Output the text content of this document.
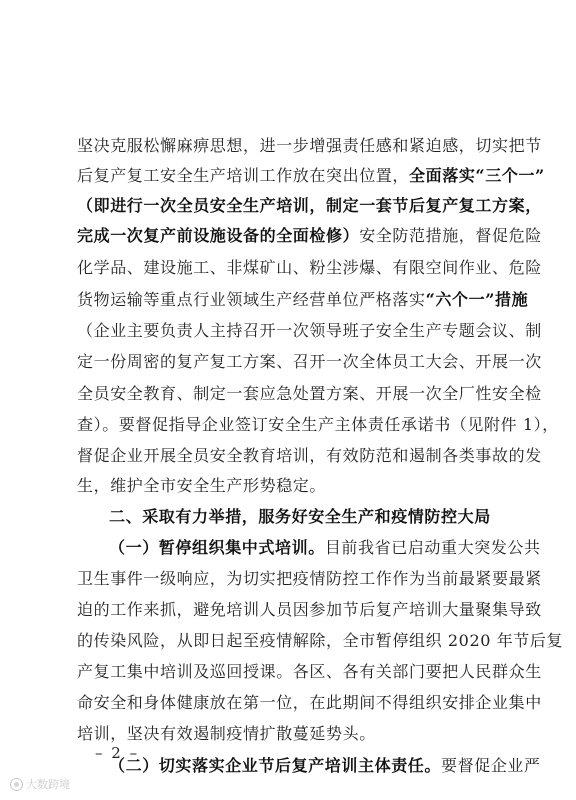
坚决克服松懈麻痹思想，进一步增强责任感和紧迫感，切实把节
后复产复工安全生产培训工作放在突出位置，全面落实“三个一”
（即进行一次全员安全生产培训，制定一套节后复产复工方案，
完成一次复产前设施设备的全面检修）安全防范措施，督促危险
化学品、建设施工、非煤矿山、粉尘涉爆、有限空间作业、危险
货物运输等重点行业领域生产经营单位严格落实“六个一”措施
（企业主要负责人主持召开一次领导班子安全生产专题会议、制
定一份周密的复产复工方案、召开一次全体员工大会、开展一次
全员安全教育、制定一套应急处置方案、开展一次全厂性安全检
查）。要督促指导企业签订安全生产主体责任承诺书（见附件 1），
督促企业开展全员安全教育培训，有效防范和遏制各类事故的发
生，维护全市安全生产形势稳定。
二、采取有力举措，服务好安全生产和疫情防控大局
（一）暂停组织集中式培训。目前我省已启动重大突发公共
卫生事件一级响应，为切实把疫情防控工作作为当前最紧要最紧
迫的工作来抓，避免培训人员因参加节后复产培训大量聚集导致
的传染风险，从即日起至疫情解除，全市暂停组织 2020 年节后复
产复工集中培训及巡回授课。各区、各有关部门要把人民群众生
命安全和身体健康放在第一位，在此期间不得组织安排企业集中
培训，坚决有效遏制疫情扩散蔓延势头。
（二）切实落实企业节后复产培训主体责任。要督促企业严
– 2 –
大数跨境
